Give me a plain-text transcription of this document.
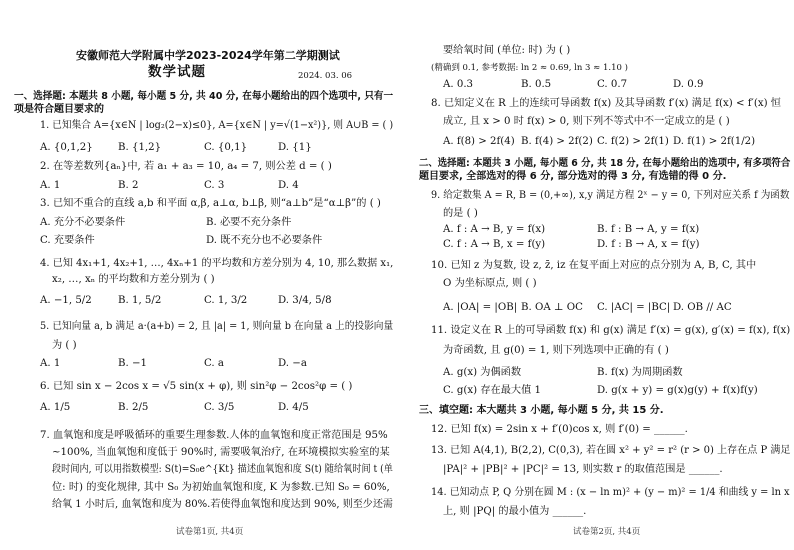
安徽师范大学附属中学2023-2024学年第二学期测试
数学试题	2024. 03. 06
一、选择题: 本题共 8 小题, 每小题 5 分, 共 40 分, 在每小题给出的四个选项中, 只有一
项是符合题目要求的
1. 已知集合 A={x∈N | log₂(2−x)≤0}, A={x∈N | y=√(1−x²)}, 则 A∪B = ( )
A. {0,1,2} B. {1,2}	C. {0,1}	D. {1}
2. 在等差数列{aₙ}中, 若 a₁ + a₃ = 10, a₄ = 7, 则公差 d = ( )
A. 1	B. 2	C. 3	D. 4
3. 已知不重合的直线 a,b 和平面 α,β, a⊥α, b⊥β, 则“a⊥b”是“α⊥β”的 ( )
A. 充分不必要条件	B. 必要不充分条件
C. 充要条件	D. 既不充分也不必要条件
4. 已知 4x₁+1, 4x₂+1, …, 4xₙ+1 的平均数和方差分别为 4, 10, 那么数据 x₁,
x₂, …, xₙ 的平均数和方差分别为 ( )
A. −1, 5/2	B. 1, 5/2	C. 1, 3/2	D. 3/4, 5/8
5. 已知向量 a, b 满足 a·(a+b) = 2, 且 |a| = 1, 则向量 b 在向量 a 上的投影向量
为 ( )
A. 1	B. −1	C. a	D. −a
6. 已知 sin x − 2cos x = √5 sin(x + φ), 则 sin²φ − 2cos²φ = ( )
A. 1/5	B. 2/5	C. 3/5	D. 4/5
7. 血氧饱和度是呼吸循环的重要生理参数.人体的血氧饱和度正常范围是 95%
~100%, 当血氧饱和度低于 90%时, 需要吸氧治疗, 在环境模拟实验室的某
段时间内, 可以用指数模型: S(t)=S₀e^{Kt} 描述血氧饱和度 S(t) 随给氧时间 t (单
位: 时) 的变化规律, 其中 S₀ 为初始血氧饱和度, K 为参数.已知 S₀ = 60%,
给氧 1 小时后, 血氧饱和度为 80%.若使得血氧饱和度达到 90%, 则至少还需
试卷第1页, 共4页
要给氧时间 (单位: 时) 为 ( )
(精确到 0.1, 参考数据: ln 2 ≈ 0.69, ln 3 ≈ 1.10 )
A. 0.3	B. 0.5	C. 0.7	D. 0.9
8. 已知定义在 R 上的连续可导函数 f(x) 及其导函数 f′(x) 满足 f(x) < f′(x) 恒
成立, 且 x > 0 时 f(x) > 0, 则下列不等式中不一定成立的是 ( )
A. f(8) > 2f(4) B. f(4) > 2f(2) C. f(2) > 2f(1) D. f(1) > 2f(1/2)
二、选择题: 本题共 3 小题, 每小题 6 分, 共 18 分, 在每小题给出的选项中, 有多项符合
题目要求, 全部选对的得 6 分, 部分选对的得 3 分, 有选错的得 0 分.
9. 给定数集 A = R, B = (0,+∞), x,y 满足方程 2ˣ − y = 0, 下列对应关系 f 为函数
的是 ( )
A. f : A → B, y = f(x)	B. f : B → A, y = f(x)
C. f : A → B, x = f(y)	D. f : B → A, x = f(y)
10. 已知 z 为复数, 设 z, z̄, iz 在复平面上对应的点分别为 A, B, C, 其中
O 为坐标原点, 则 ( )
A. |OA| = |OB| B. OA ⊥ OC C. |AC| = |BC| D. OB // AC
11. 设定义在 R 上的可导函数 f(x) 和 g(x) 满足 f′(x) = g(x), g′(x) = f(x), f(x)
为奇函数, 且 g(0) = 1, 则下列选项中正确的有 ( )
A. g(x) 为偶函数	B. f(x) 为周期函数
C. g(x) 存在最大值 1	D. g(x + y) = g(x)g(y) + f(x)f(y)
三、填空题: 本大题共 3 小题, 每小题 5 分, 共 15 分.
12. 已知 f(x) = 2sin x + f′(0)cos x, 则 f′(0) = ______.
13. 已知 A(4,1), B(2,2), C(0,3), 若在圆 x² + y² = r² (r > 0) 上存在点 P 满足
|PA|² + |PB|² + |PC|² = 13, 则实数 r 的取值范围是 ______.
14. 已知动点 P, Q 分别在圆 M : (x − ln m)² + (y − m)² = 1/4 和曲线 y = ln x
上, 则 |PQ| 的最小值为 ______.
试卷第2页, 共4页
